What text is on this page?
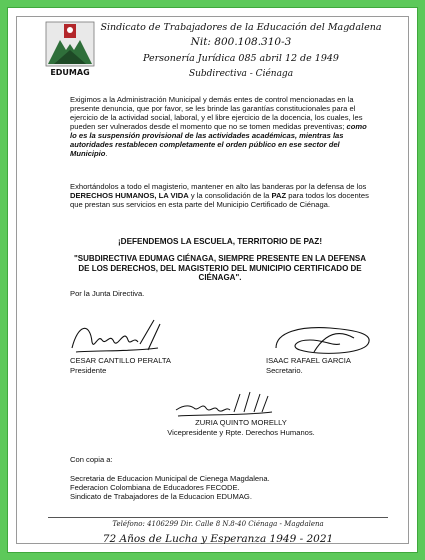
EDUMAG
Sindicato de Trabajadores de la Educación del Magdalena
Nit: 800.108.310-3
Personería Jurídica 085 abril 12 de 1949
Subdirectiva - Ciénaga
Exigimos a la Administración Municipal y demás entes de control mencionadas en la presente denuncia, que por favor, se les brinde las garantías constitucionales para el ejercicio de la actividad social, laboral, y el libre ejercicio de la docencia, los cuales, les pueden ser vulnerados desde el momento que no se tomen medidas preventivas; como lo es la suspensión provisional de las actividades académicas, mientras las autoridades restablecen completamente el orden público en ese sector del Municipio.
Exhortándolos a todo el magisterio, mantener en alto las banderas por la defensa de los DERECHOS HUMANOS, LA VIDA y la consolidación de la PAZ para todos los docentes que prestan sus servicios en esta parte del Municipio Certificado de Ciénaga.
¡DEFENDEMOS LA ESCUELA, TERRITORIO DE PAZ!
"SUBDIRECTIVA EDUMAG CIÉNAGA, SIEMPRE PRESENTE EN LA DEFENSA DE LOS DERECHOS, DEL MAGISTERIO DEL MUNICIPIO CERTIFICADO DE CIÉNAGA".
Por la Junta Directiva.
CESAR CANTILLO PERALTA
Presidente
ISAAC RAFAEL GARCIA
Secretario.
ZURIA QUINTO MORELLY
Vicepresidente y Rpte. Derechos Humanos.
Con copia a:
Secretaria de Educacion Municipal de Cienega Magdalena.
Federacion Colombiana de Educadores FECODE.
Sindicato de Trabajadores de la Educacion EDUMAG.
Teléfono: 4106299 Dir. Calle 8 N.8-40 Ciénaga - Magdalena
72 Años de Lucha y Esperanza 1949 - 2021
